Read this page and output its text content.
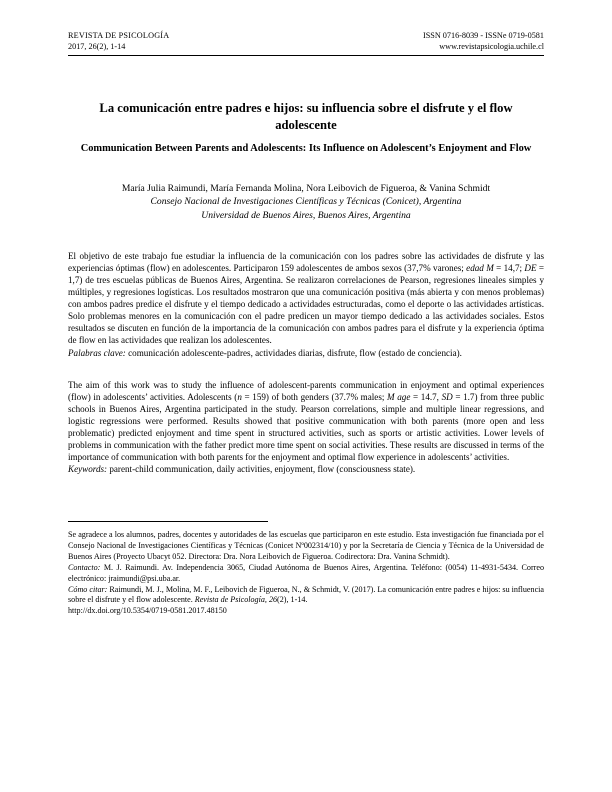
REVISTA DE PSICOLOGÍA
2017, 26(2), 1-14
ISSN 0716-8039 - ISSNe 0719-0581
www.revistapsicologia.uchile.cl
La comunicación entre padres e hijos: su influencia sobre el disfrute y el flow adolescente
Communication Between Parents and Adolescents: Its Influence on Adolescent’s Enjoyment and Flow
María Julia Raimundi, María Fernanda Molina, Nora Leibovich de Figueroa, & Vanina Schmidt
Consejo Nacional de Investigaciones Científicas y Técnicas (Conicet), Argentina
Universidad de Buenos Aires, Buenos Aires, Argentina

El objetivo de este trabajo fue estudiar la influencia de la comunicación con los padres sobre las actividades de disfrute y las experiencias óptimas (flow) en adolescentes. Participaron 159 adolescentes de ambos sexos (37,7% varones; edad M = 14,7; DE = 1,7) de tres escuelas públicas de Buenos Aires, Argentina. Se realizaron correlaciones de Pearson, regresiones lineales simples y múltiples, y regresiones logísticas. Los resultados mostraron que una comunicación positiva (más abierta y con menos problemas) con ambos padres predice el disfrute y el tiempo dedicado a actividades estructuradas, como el deporte o las actividades artísticas. Solo problemas menores en la comunicación con el padre predicen un mayor tiempo dedicado a las actividades sociales. Estos resultados se discuten en función de la importancia de la comunicación con ambos padres para el disfrute y la experiencia óptima de flow en las actividades que realizan los adolescentes.

Palabras clave: comunicación adolescente-padres, actividades diarias, disfrute, flow (estado de conciencia).

The aim of this work was to study the influence of adolescent-parents communication in enjoyment and optimal experiences (flow) in adolescents’ activities. Adolescents (n = 159) of both genders (37.7% males; M age = 14.7, SD = 1.7) from three public schools in Buenos Aires, Argentina participated in the study. Pearson correlations, simple and multiple linear regressions, and logistic regressions were performed. Results showed that positive communication with both parents (more open and less problematic) predicted enjoyment and time spent in structured activities, such as sports or artistic activities. Lower levels of problems in communication with the father predict more time spent on social activities. These results are discussed in terms of the importance of communication with both parents for the enjoyment and optimal flow experience in adolescents’ activities.

Keywords: parent-child communication, daily activities, enjoyment, flow (consciousness state).

Se agradece a los alumnos, padres, docentes y autoridades de las escuelas que participaron en este estudio. Esta investigación fue financiada por el Consejo Nacional de Investigaciones Científicas y Técnicas (Conicet Nº002314/10) y por la Secretaría de Ciencia y Técnica de la Universidad de Buenos Aires (Proyecto Ubacyt 052. Directora: Dra. Nora Leibovich de Figueroa. Codirectora: Dra. Vanina Schmidt).

Contacto: M. J. Raimundi. Av. Independencia 3065, Ciudad Autónoma de Buenos Aires, Argentina. Teléfono: (0054) 11-4931-5434. Correo electrónico: jraimundi@psi.uba.ar.

Cómo citar: Raimundi, M. J., Molina, M. F., Leibovich de Figueroa, N., & Schmidt, V. (2017). La comunicación entre padres e hijos: su influencia sobre el disfrute y el flow adolescente. Revista de Psicología, 26(2), 1-14.

http://dx.doi.org/10.5354/0719-0581.2017.48150
